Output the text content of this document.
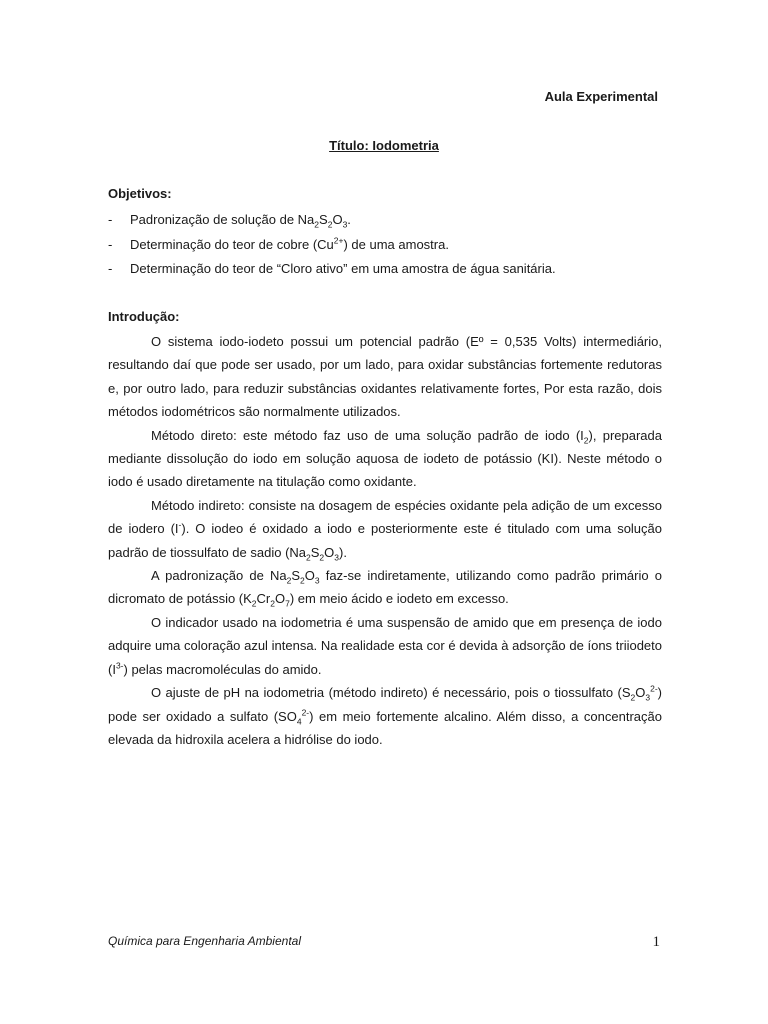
Aula Experimental
Título: Iodometria
Objetivos:
- Padronização de solução de $Na_2S_2O_3$.
- Determinação do teor de cobre $(Cu^{2+})$ de uma amostra.
- Determinação do teor de “Cloro ativo” em uma amostra de água sanitária.
Introdução:

O sistema iodo-iodeto possui um potencial padrão (Eº = 0,535 Volts) intermediário, resultando daí que pode ser usado, por um lado, para oxidar substâncias fortemente redutoras e, por outro lado, para reduzir substâncias oxidantes relativamente fortes, Por esta razão, dois métodos iodométricos são normalmente utilizados.

Método direto: este método faz uso de uma solução padrão de iodo $(I_2)$, preparada mediante dissolução do iodo em solução aquosa de iodeto de potássio (KI). Neste método o iodo é usado diretamente na titulação como oxidante.

Método indireto: consiste na dosagem de espécies oxidante pela adição de um excesso de iodero (I-). O iodeo é oxidado a iodo e posteriormente este é titulado com uma solução padrão de tiossulfato de sadio $(Na_2S_2O_3)$.

A padronização de $Na_2S_2O_3$ faz-se indiretamente, utilizando como padrão primário o dicromato de potássio $(K_2Cr_2O_7)$ em meio ácido e iodeto em excesso.

O indicador usado na iodometria é uma suspensão de amido que em presença de iodo adquire uma coloração azul intensa. Na realidade esta cor é devida à adsorção de íons triiodeto $(I^{3-})$ pelas macromoléculas do amido.

O ajuste de pH na iodometria (método indireto) é necessário, pois o tiossulfato $(S_2O_3^{2-})$ pode ser oxidado a sulfato $(SO_4^{2-})$ em meio fortemente alcalino. Além disso, a concentração elevada da hidroxila acelera a hidrólise do iodo.

Química para Engenharia Ambiental	1
